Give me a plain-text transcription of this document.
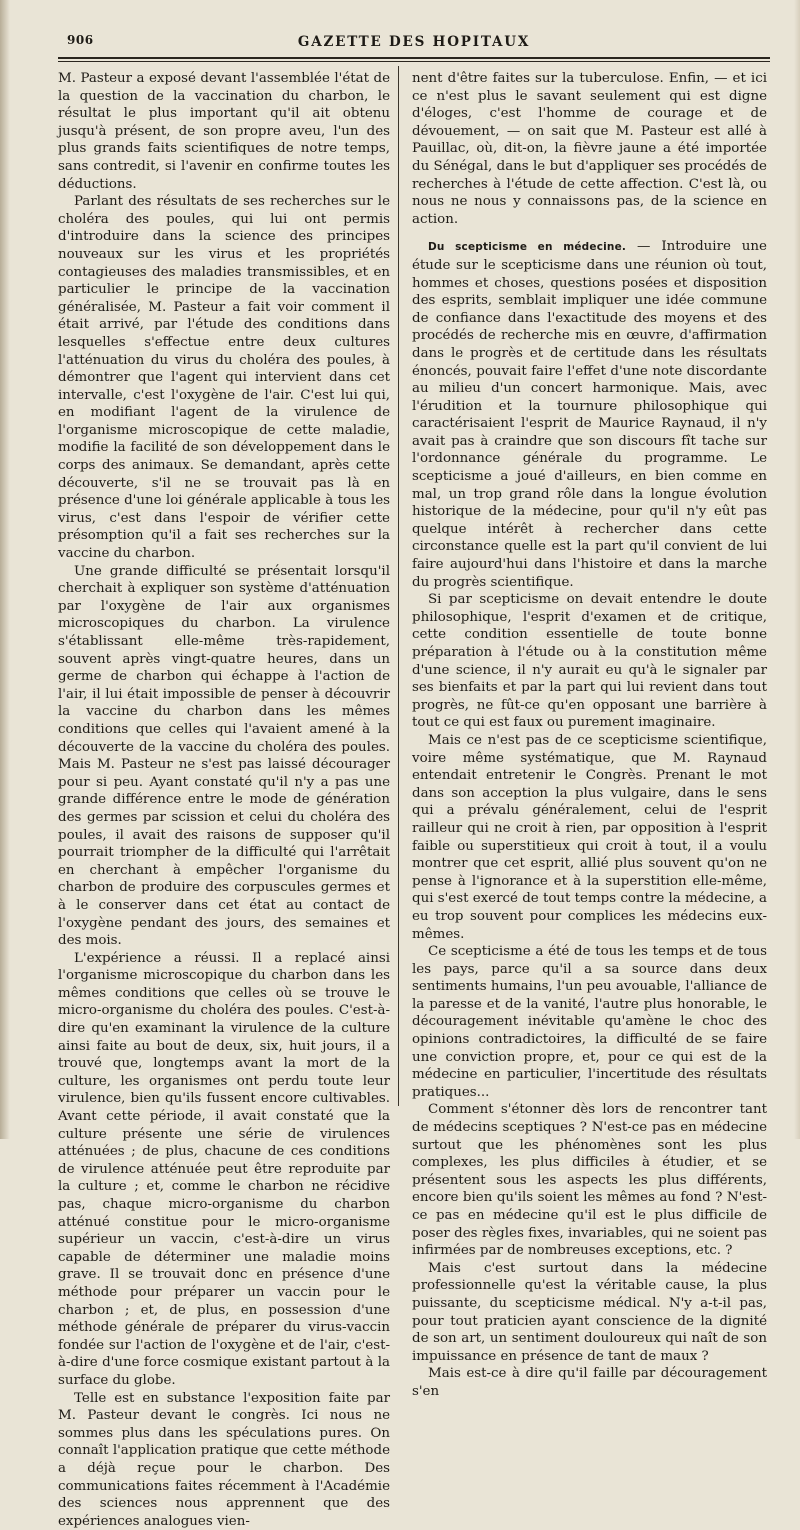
906	GAZETTE DES HOPITAUX

M. Pasteur a exposé devant l'assemblée l'état de la question de la vaccination du charbon, le résultat le plus important qu'il ait obtenu jusqu'à présent, de son propre aveu, l'un des plus grands faits scientifiques de notre temps, sans contredit, si l'avenir en confirme toutes les déductions.

Parlant des résultats de ses recherches sur le choléra des poules, qui lui ont permis d'introduire dans la science des principes nouveaux sur les virus et les propriétés contagieuses des maladies transmissibles, et en particulier le principe de la vaccination généralisée, M. Pasteur a fait voir comment il était arrivé, par l'étude des conditions dans lesquelles s'effectue entre deux cultures l'atténuation du virus du choléra des poules, à démontrer que l'agent qui intervient dans cet intervalle, c'est l'oxygène de l'air. C'est lui qui, en modifiant l'agent de la virulence de l'organisme microscopique de cette maladie, modifie la facilité de son développement dans le corps des animaux. Se demandant, après cette découverte, s'il ne se trouvait pas là en présence d'une loi générale applicable à tous les virus, c'est dans l'espoir de vérifier cette présomption qu'il a fait ses recherches sur la vaccine du charbon.

Une grande difficulté se présentait lorsqu'il cherchait à expliquer son système d'atténuation par l'oxygène de l'air aux organismes microscopiques du charbon. La virulence s'établissant elle-même très-rapidement, souvent après vingt-quatre heures, dans un germe de charbon qui échappe à l'action de l'air, il lui était impossible de penser à découvrir la vaccine du charbon dans les mêmes conditions que celles qui l'avaient amené à la découverte de la vaccine du choléra des poules. Mais M. Pasteur ne s'est pas laissé décourager pour si peu. Ayant constaté qu'il n'y a pas une grande différence entre le mode de génération des germes par scission et celui du choléra des poules, il avait des raisons de supposer qu'il pourrait triompher de la difficulté qui l'arrêtait en cherchant à empêcher l'organisme du charbon de produire des corpuscules germes et à le conserver dans cet état au contact de l'oxygène pendant des jours, des semaines et des mois.

L'expérience a réussi. Il a replacé ainsi l'organisme microscopique du charbon dans les mêmes conditions que celles où se trouve le micro-organisme du choléra des poules. C'est-à-dire qu'en examinant la virulence de la culture ainsi faite au bout de deux, six, huit jours, il a trouvé que, longtemps avant la mort de la culture, les organismes ont perdu toute leur virulence, bien qu'ils fussent encore cultivables. Avant cette période, il avait constaté que la culture présente une série de virulences atténuées ; de plus, chacune de ces conditions de virulence atténuée peut être reproduite par la culture ; et, comme le charbon ne récidive pas, chaque micro-organisme du charbon atténué constitue pour le micro-organisme supérieur un vaccin, c'est-à-dire un virus capable de déterminer une maladie moins grave. Il se trouvait donc en présence d'une méthode pour préparer un vaccin pour le charbon ; et, de plus, en possession d'une méthode générale de préparer du virus-vaccin fondée sur l'action de l'oxygène et de l'air, c'est-à-dire d'une force cosmique existant partout à la surface du globe.

Telle est en substance l'exposition faite par M. Pasteur devant le congrès. Ici nous ne sommes plus dans les spéculations pures. On connaît l'application pratique que cette méthode a déjà reçue pour le charbon. Des communications faites récemment à l'Académie des sciences nous apprennent que des expériences analogues vien-

nent d'être faites sur la tuberculose. Enfin, — et ici ce n'est plus le savant seulement qui est digne d'éloges, c'est l'homme de courage et de dévouement, — on sait que M. Pasteur est allé à Pauillac, où, dit-on, la fièvre jaune a été importée du Sénégal, dans le but d'appliquer ses procédés de recherches à l'étude de cette affection. C'est là, ou nous ne nous y connaissons pas, de la science en action.

Du scepticisme en médecine. — Introduire une étude sur le scepticisme dans une réunion où tout, hommes et choses, questions posées et disposition des esprits, semblait impliquer une idée commune de confiance dans l'exactitude des moyens et des procédés de recherche mis en œuvre, d'affirmation dans le progrès et de certitude dans les résultats énoncés, pouvait faire l'effet d'une note discordante au milieu d'un concert harmonique. Mais, avec l'érudition et la tournure philosophique qui caractérisaient l'esprit de Maurice Raynaud, il n'y avait pas à craindre que son discours fît tache sur l'ordonnance générale du programme. Le scepticisme a joué d'ailleurs, en bien comme en mal, un trop grand rôle dans la longue évolution historique de la médecine, pour qu'il n'y eût pas quelque intérêt à rechercher dans cette circonstance quelle est la part qu'il convient de lui faire aujourd'hui dans l'histoire et dans la marche du progrès scientifique.

Si par scepticisme on devait entendre le doute philosophique, l'esprit d'examen et de critique, cette condition essentielle de toute bonne préparation à l'étude ou à la constitution même d'une science, il n'y aurait eu qu'à le signaler par ses bienfaits et par la part qui lui revient dans tout progrès, ne fût-ce qu'en opposant une barrière à tout ce qui est faux ou purement imaginaire.

Mais ce n'est pas de ce scepticisme scientifique, voire même systématique, que M. Raynaud entendait entretenir le Congrès. Prenant le mot dans son acception la plus vulgaire, dans le sens qui a prévalu généralement, celui de l'esprit railleur qui ne croit à rien, par opposition à l'esprit faible ou superstitieux qui croit à tout, il a voulu montrer que cet esprit, allié plus souvent qu'on ne pense à l'ignorance et à la superstition elle-même, qui s'est exercé de tout temps contre la médecine, a eu trop souvent pour complices les médecins eux-mêmes.

Ce scepticisme a été de tous les temps et de tous les pays, parce qu'il a sa source dans deux sentiments humains, l'un peu avouable, l'alliance de la paresse et de la vanité, l'autre plus honorable, le découragement inévitable qu'amène le choc des opinions contradictoires, la difficulté de se faire une conviction propre, et, pour ce qui est de la médecine en particulier, l'incertitude des résultats pratiques...

Comment s'étonner dès lors de rencontrer tant de médecins sceptiques ? N'est-ce pas en médecine surtout que les phénomènes sont les plus complexes, les plus difficiles à étudier, et se présentent sous les aspects les plus différents, encore bien qu'ils soient les mêmes au fond ? N'est-ce pas en médecine qu'il est le plus difficile de poser des règles fixes, invariables, qui ne soient pas infirmées par de nombreuses exceptions, etc. ?

Mais c'est surtout dans la médecine professionnelle qu'est la véritable cause, la plus puissante, du scepticisme médical. N'y a-t-il pas, pour tout praticien ayant conscience de la dignité de son art, un sentiment douloureux qui naît de son impuissance en présence de tant de maux ?

Mais est-ce à dire qu'il faille par découragement s'en
